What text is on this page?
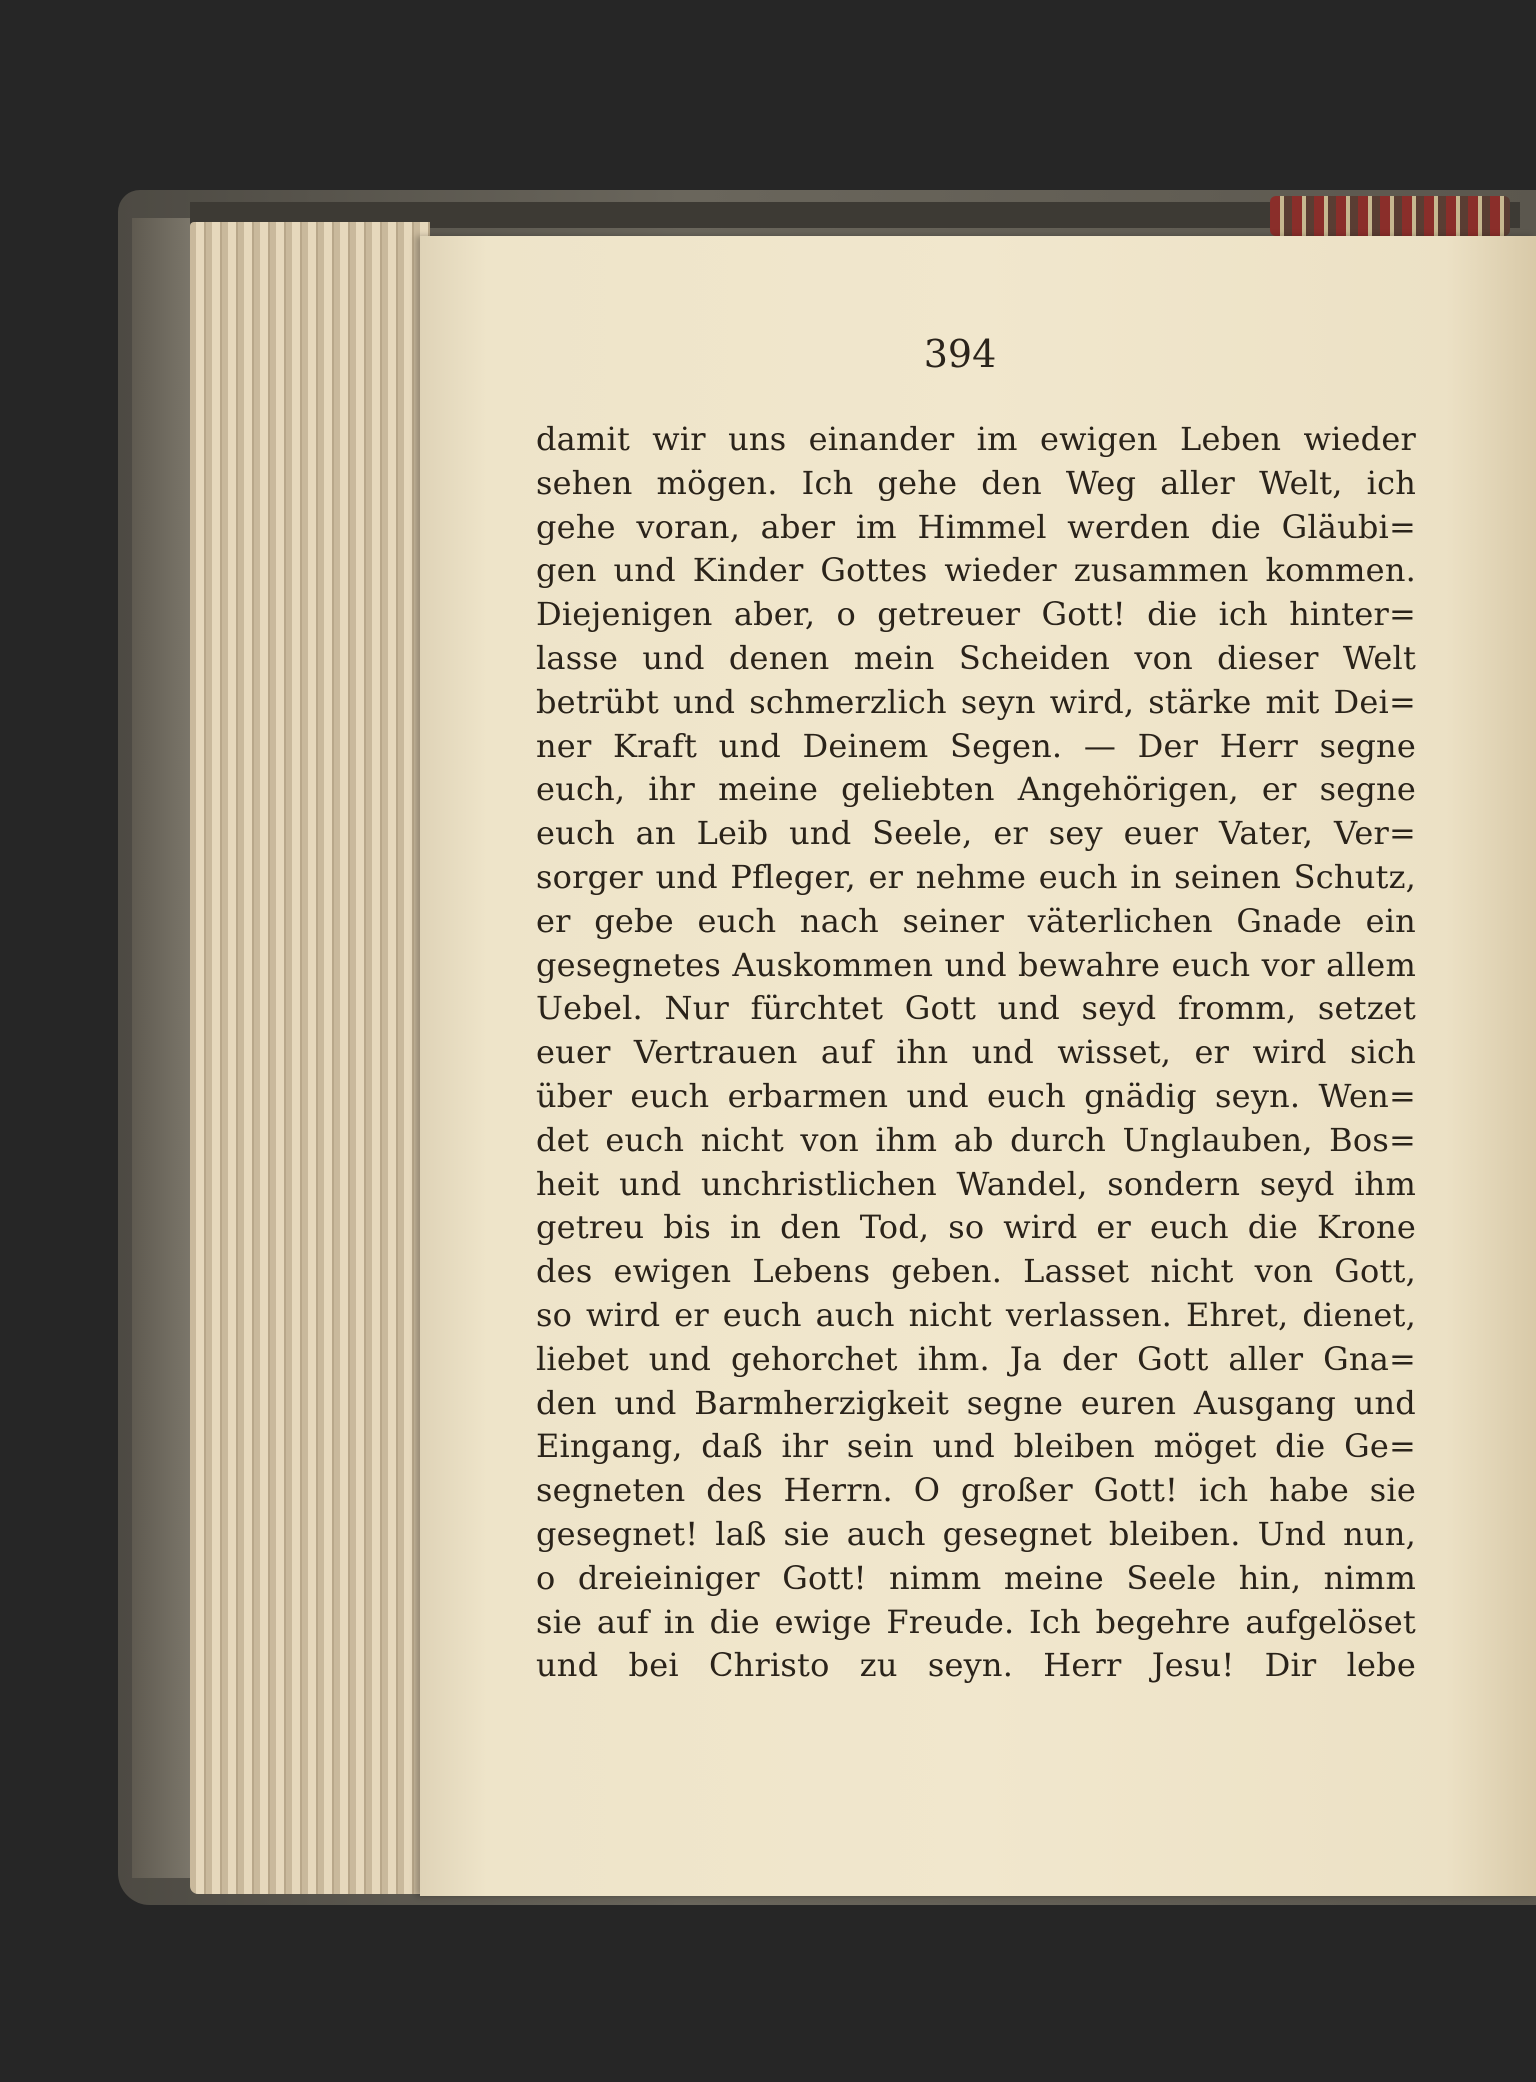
394
damit wir uns einander im ewigen Leben wieder
sehen mögen. Ich gehe den Weg aller Welt, ich
gehe voran, aber im Himmel werden die Gläubi=
gen und Kinder Gottes wieder zusammen kommen.
Diejenigen aber, o getreuer Gott! die ich hinter=
lasse und denen mein Scheiden von dieser Welt
betrübt und schmerzlich seyn wird, stärke mit Dei=
ner Kraft und Deinem Segen. — Der Herr segne
euch, ihr meine geliebten Angehörigen, er segne
euch an Leib und Seele, er sey euer Vater, Ver=
sorger und Pfleger, er nehme euch in seinen Schutz,
er gebe euch nach seiner väterlichen Gnade ein
gesegnetes Auskommen und bewahre euch vor allem
Uebel. Nur fürchtet Gott und seyd fromm, setzet
euer Vertrauen auf ihn und wisset, er wird sich
über euch erbarmen und euch gnädig seyn. Wen=
det euch nicht von ihm ab durch Unglauben, Bos=
heit und unchristlichen Wandel, sondern seyd ihm
getreu bis in den Tod, so wird er euch die Krone
des ewigen Lebens geben. Lasset nicht von Gott,
so wird er euch auch nicht verlassen. Ehret, dienet,
liebet und gehorchet ihm. Ja der Gott aller Gna=
den und Barmherzigkeit segne euren Ausgang und
Eingang, daß ihr sein und bleiben möget die Ge=
segneten des Herrn. O großer Gott! ich habe sie
gesegnet! laß sie auch gesegnet bleiben. Und nun,
o dreieiniger Gott! nimm meine Seele hin, nimm
sie auf in die ewige Freude. Ich begehre aufgelöset
und bei Christo zu seyn. Herr Jesu! Dir lebe
